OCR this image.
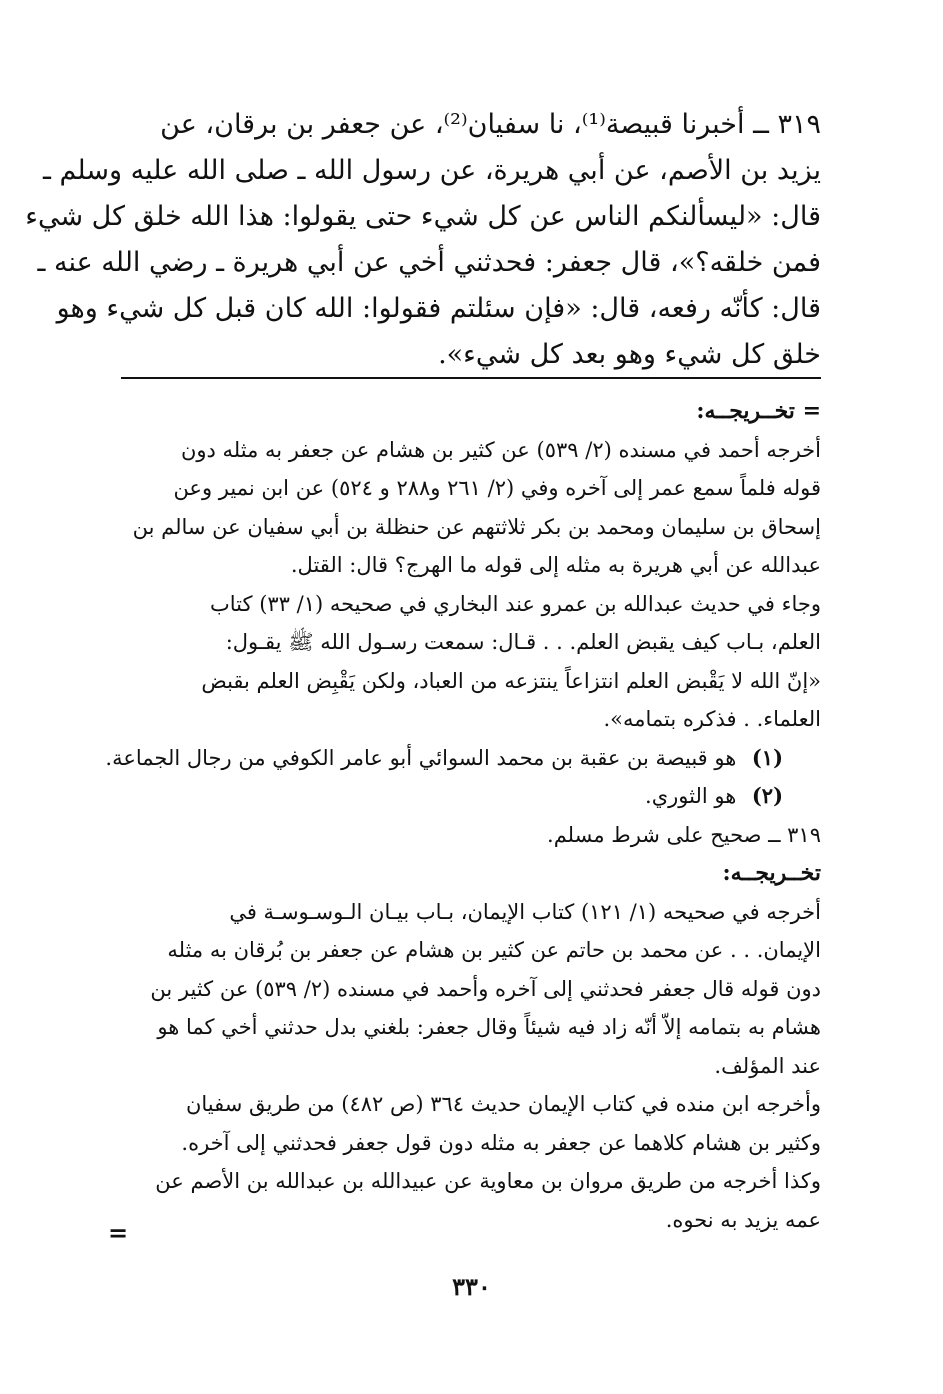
٣١٩ ــ أخبرنا قبيصة⁽¹⁾، نا سفيان⁽²⁾، عن جعفر بن برقان، عن
يزيد بن الأصم، عن أبي هريرة، عن رسول الله ـ صلى الله عليه وسلم ـ
قال: «ليسألنكم الناس عن كل شيء حتى يقولوا: هذا الله خلق كل شيء
فمن خلقه؟»، قال جعفر: فحدثني أخي عن أبي هريرة ـ رضي الله عنه ـ
قال: كأنّه رفعه، قال: «فإن سئلتم فقولوا: الله كان قبل كل شيء وهو
خلق كل شيء وهو بعد كل شيء».
= تخــريجــه:
أخرجه أحمد في مسنده (٢/ ٥٣٩) عن كثير بن هشام عن جعفر به مثله دون
قوله فلماً سمع عمر إلى آخره وفي (٢/ ٢٦١ و٢٨٨ و ٥٢٤) عن ابن نمير وعن
إسحاق بن سليمان ومحمد بن بكر ثلاثتهم عن حنظلة بن أبي سفيان عن سالم بن
عبدالله عن أبي هريرة به مثله إلى قوله ما الهرج؟ قال: القتل.
وجاء في حديث عبدالله بن عمرو عند البخاري في صحيحه (١/ ٣٣) كتاب
العلم، بـاب كيف يقبض العلم. . . قـال: سمعت رسـول الله ﷺ يقـول:
«إنّ الله لا يَقْبض العلم انتزاعاً ينتزعه من العباد، ولكن يَقْبِض العلم بقبض
العلماء. . فذكره بتمامه».
(١) هو قبيصة بن عقبة بن محمد السوائي أبو عامر الكوفي من رجال الجماعة.
(٢) هو الثوري.
٣١٩ ــ صحيح على شرط مسلم.
تخــريجــه:
أخرجه في صحيحه (١/ ١٢١) كتاب الإيمان، بـاب بيـان الـوسـوسـة في
الإيمان. . . عن محمد بن حاتم عن كثير بن هشام عن جعفر بن بُرقان به مثله
دون قوله قال جعفر فحدثني إلى آخره وأحمد في مسنده (٢/ ٥٣٩) عن كثير بن
هشام به بتمامه إلاّ أنّه زاد فيه شيئاً وقال جعفر: بلغني بدل حدثني أخي كما هو
عند المؤلف.
وأخرجه ابن منده في كتاب الإيمان حديث ٣٦٤ (ص ٤٨٢) من طريق سفيان
وكثير بن هشام كلاهما عن جعفر به مثله دون قول جعفر فحدثني إلى آخره.
وكذا أخرجه من طريق مروان بن معاوية عن عبيدالله بن عبدالله بن الأصم عن
عمه يزيد به نحوه.
=
٣٣٠
